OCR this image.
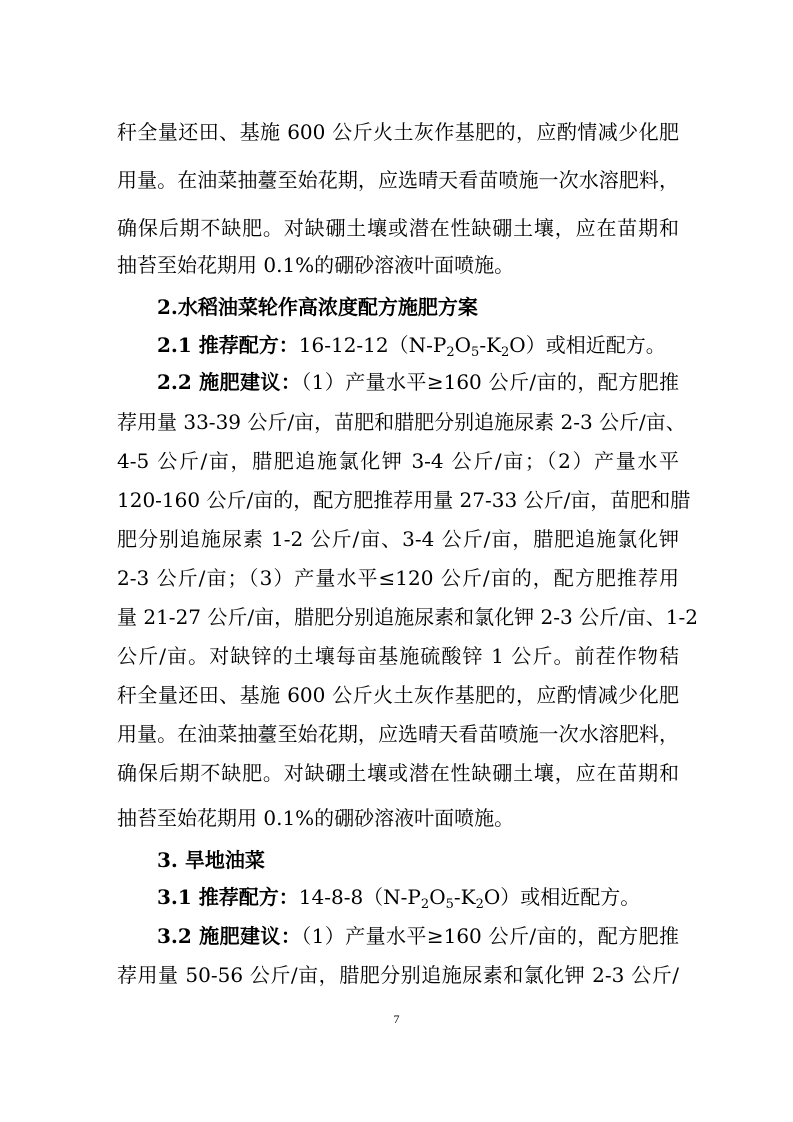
秆全量还田、基施 600 公斤火土灰作基肥的，应酌情减少化肥
用量。在油菜抽薹至始花期，应选晴天看苗喷施一次水溶肥料，
确保后期不缺肥。对缺硼土壤或潜在性缺硼土壤，应在苗期和
抽苔至始花期用 0.1%的硼砂溶液叶面喷施。
2.水稻油菜轮作高浓度配方施肥方案
2.1 推荐配方：$16-12-12(N-P_2O_5-K_2O)$或相近配方。
2.2 施肥建议：（1）产量水平≥160 公斤/亩的，配方肥推
荐用量 33-39 公斤/亩，苗肥和腊肥分别追施尿素 2-3 公斤/亩、
4-5 公斤/亩，腊肥追施氯化钾 3-4 公斤/亩；（2）产量水平
120-160 公斤/亩的，配方肥推荐用量 27-33 公斤/亩，苗肥和腊
肥分别追施尿素 1-2 公斤/亩、3-4 公斤/亩，腊肥追施氯化钾
2-3 公斤/亩；（3）产量水平≤120 公斤/亩的，配方肥推荐用
量 21-27 公斤/亩，腊肥分别追施尿素和氯化钾 2-3 公斤/亩、1-2
公斤/亩。对缺锌的土壤每亩基施硫酸锌 1 公斤。前茬作物秸
秆全量还田、基施 600 公斤火土灰作基肥的，应酌情减少化肥
用量。在油菜抽薹至始花期，应选晴天看苗喷施一次水溶肥料，
确保后期不缺肥。对缺硼土壤或潜在性缺硼土壤，应在苗期和
抽苔至始花期用 0.1%的硼砂溶液叶面喷施。
3. 旱地油菜
3.1 推荐配方：$14-8-8(N-P_2O_5-K_2O)$或相近配方。
3.2 施肥建议：（1）产量水平≥160 公斤/亩的，配方肥推
荐用量 50-56 公斤/亩，腊肥分别追施尿素和氯化钾 2-3 公斤/
7
